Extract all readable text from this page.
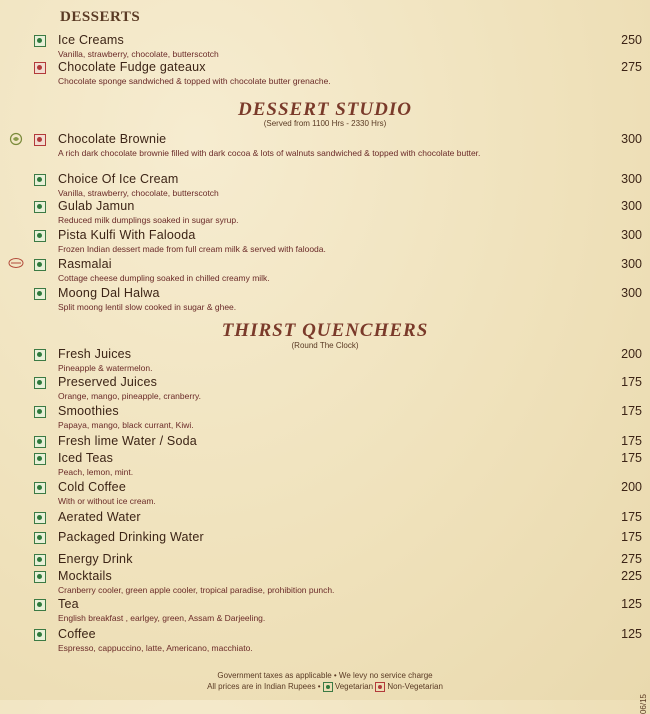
DESSERTS
DESSERT STUDIO
(Served from 1100 Hrs - 2330 Hrs)
THIRST QUENCHERS
(Round The Clock)
Ice Creams
Vanilla, strawberry, chocolate, butterscotch
250
Chocolate Fudge gateaux
Chocolate sponge sandwiched & topped with chocolate butter grenache.
275
Chocolate Brownie
A rich dark chocolate brownie filled with dark cocoa & lots of walnuts sandwiched & topped with chocolate butter.
300
Choice Of Ice Cream
Vanilla, strawberry, chocolate, butterscotch
300
Gulab Jamun
Reduced milk dumplings soaked in sugar syrup.
300
Pista Kulfi With Falooda
Frozen Indian dessert made from full cream milk & served with falooda.
300
Rasmalai
Cottage cheese dumpling soaked in chilled creamy milk.
300
Moong Dal Halwa
Split moong lentil slow cooked in sugar & ghee.
300
Fresh Juices
Pineapple & watermelon.
200
Preserved Juices
Orange, mango, pineapple, cranberry.
175
Smoothies
Papaya, mango, black currant, Kiwi.
175
Fresh lime Water / Soda	175
Iced Teas
Peach, lemon, mint.
175
Cold Coffee
With or without ice cream.
200
Aerated Water	175
Packaged Drinking Water	175
Energy Drink	275
Mocktails
Cranberry cooler, green apple cooler, tropical paradise, prohibition punch.
225
Tea
English breakfast , earlgey, green, Assam & Darjeeling.
125
Coffee
Espresso, cappuccino, latte, Americano, macchiato.
125
Government taxes as applicable • We levy no service charge
All prices are in Indian Rupees • Vegetarian Non-Vegetarian
06/15
